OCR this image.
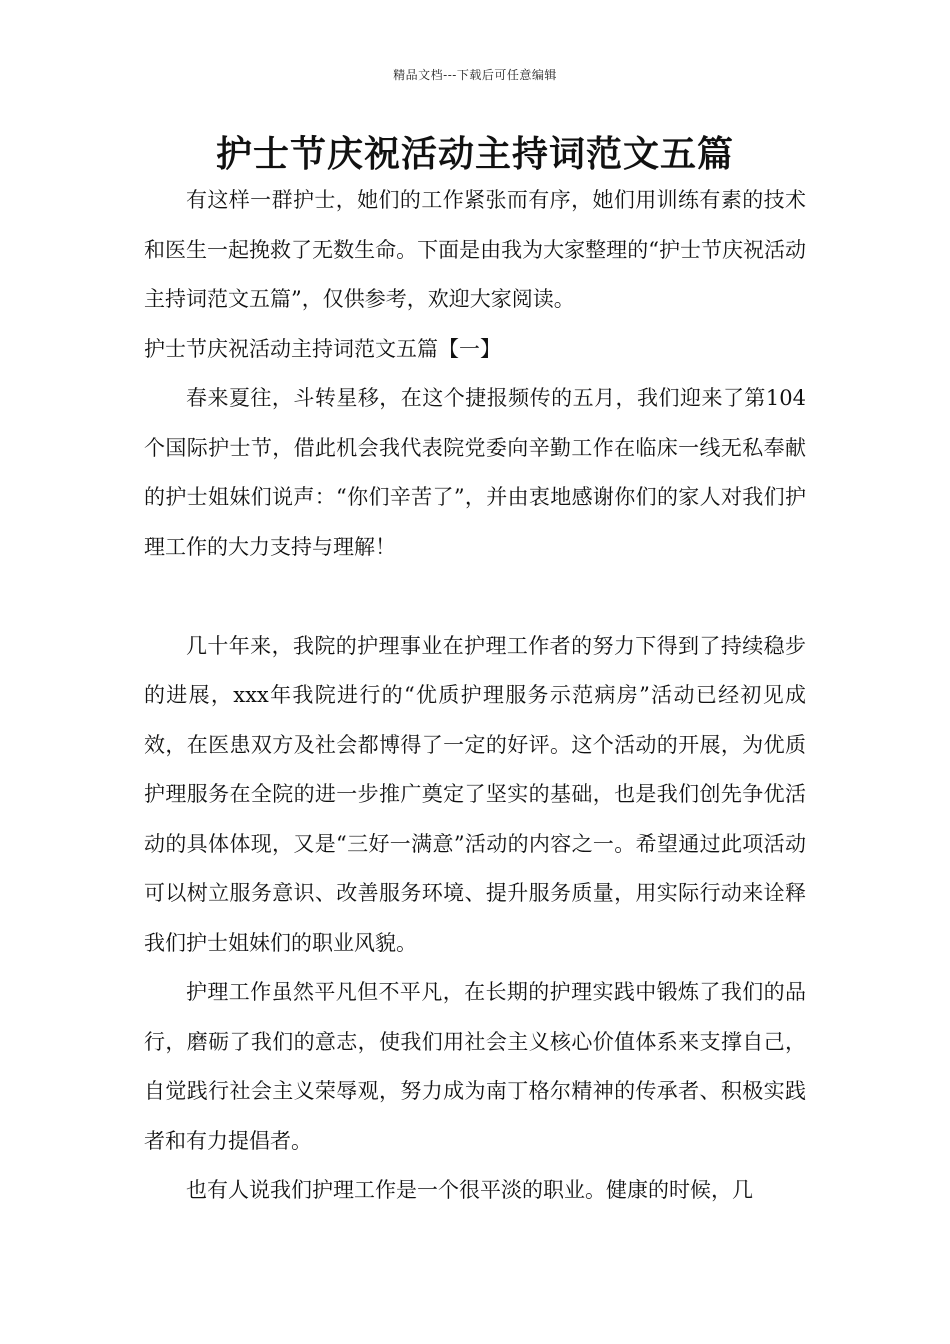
精品文档---下载后可任意编辑
护士节庆祝活动主持词范文五篇

有这样一群护士，她们的工作紧张而有序，她们用训练有素的技术和医生一起挽救了无数生命。下面是由我为大家整理的“护士节庆祝活动主持词范文五篇”，仅供参考，欢迎大家阅读。

护士节庆祝活动主持词范文五篇【一】

春来夏往，斗转星移，在这个捷报频传的五月，我们迎来了第104个国际护士节，借此机会我代表院党委向辛勤工作在临床一线无私奉献的护士姐妹们说声：“你们辛苦了”，并由衷地感谢你们的家人对我们护理工作的大力支持与理解！

几十年来，我院的护理事业在护理工作者的努力下得到了持续稳步的进展，xxx年我院进行的“优质护理服务示范病房”活动已经初见成效，在医患双方及社会都博得了一定的好评。这个活动的开展，为优质护理服务在全院的进一步推广奠定了坚实的基础，也是我们创先争优活动的具体体现，又是“三好一满意”活动的内容之一。希望通过此项活动可以树立服务意识、改善服务环境、提升服务质量，用实际行动来诠释我们护士姐妹们的职业风貌。

护理工作虽然平凡但不平凡，在长期的护理实践中锻炼了我们的品行，磨砺了我们的意志，使我们用社会主义核心价值体系来支撑自己，自觉践行社会主义荣辱观，努力成为南丁格尔精神的传承者、积极实践者和有力提倡者。

也有人说我们护理工作是一个很平淡的职业。健康的时候，几
